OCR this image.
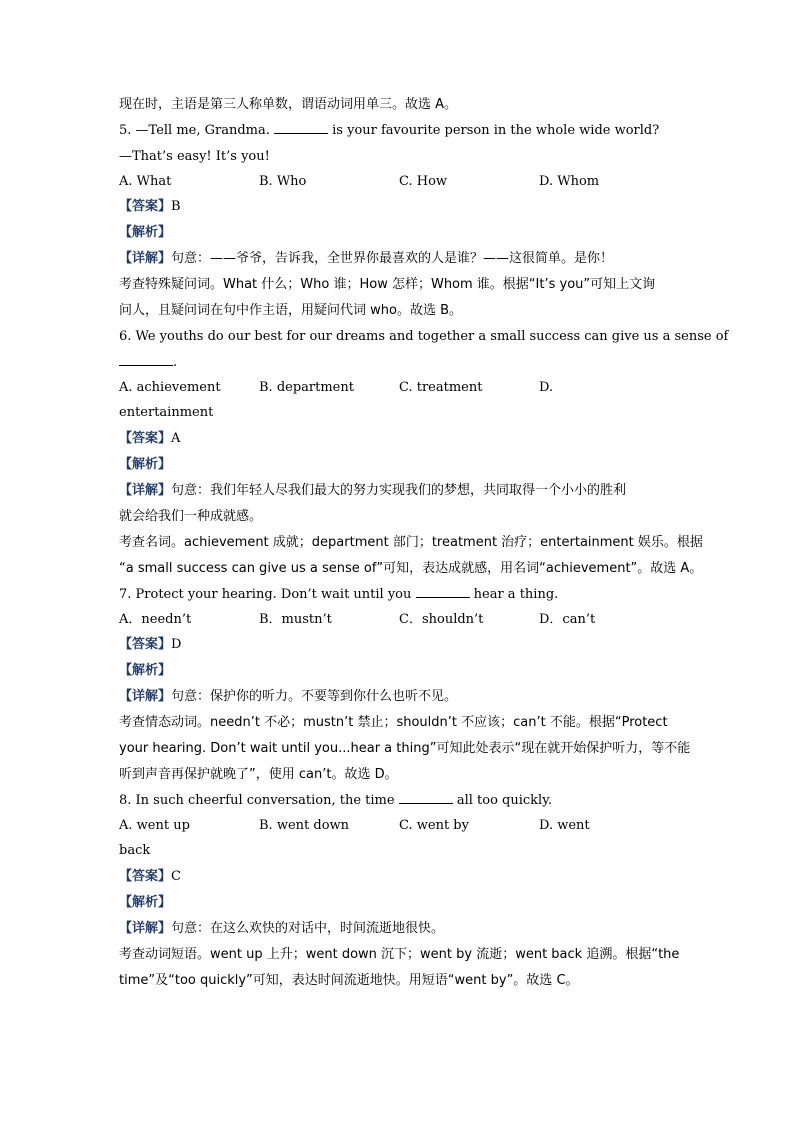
现在时，主语是第三人称单数，谓语动词用单三。故选 A。
5. —Tell me, Grandma.	is your favourite person in the whole wide world?
—That’s easy! It’s you!
A. What	B. Who	C. How	D. Whom
【答案】B
【解析】
【详解】句意：——爷爷，告诉我，全世界你最喜欢的人是谁？——这很简单。是你！
考查特殊疑问词。What 什么；Who 谁；How 怎样；Whom 谁。根据“It’s you”可知上文询
问人，且疑问词在句中作主语，用疑问代词 who。故选 B。
6. We youths do our best for our dreams and together a small success can give us a sense of
.
A. achievement	B. department	C. treatment	D.
entertainment
【答案】A
【解析】
【详解】句意：我们年轻人尽我们最大的努力实现我们的梦想，共同取得一个小小的胜利
就会给我们一种成就感。
考查名词。achievement 成就；department 部门；treatment 治疗；entertainment 娱乐。根据
“a small success can give us a sense of”可知，表达成就感，用名词“achievement”。故选 A。
7. Protect your hearing. Don’t wait until you	hear a thing.
A．needn’t	B．mustn’t	C．shouldn’t	D．can’t
【答案】D
【解析】
【详解】句意：保护你的听力。不要等到你什么也听不见。
考查情态动词。needn’t 不必；mustn’t 禁止；shouldn’t 不应该；can’t 不能。根据“Protect
your hearing. Don’t wait until you...hear a thing”可知此处表示“现在就开始保护听力，等不能
听到声音再保护就晚了”，使用 can’t。故选 D。
8. In such cheerful conversation, the time	all too quickly.
A. went up	B. went down	C. went by	D. went
back
【答案】C
【解析】
【详解】句意：在这么欢快的对话中，时间流逝地很快。
考查动词短语。went up 上升；went down 沉下；went by 流逝；went back 追溯。根据“the
time”及“too quickly”可知，表达时间流逝地快。用短语“went by”。故选 C。
